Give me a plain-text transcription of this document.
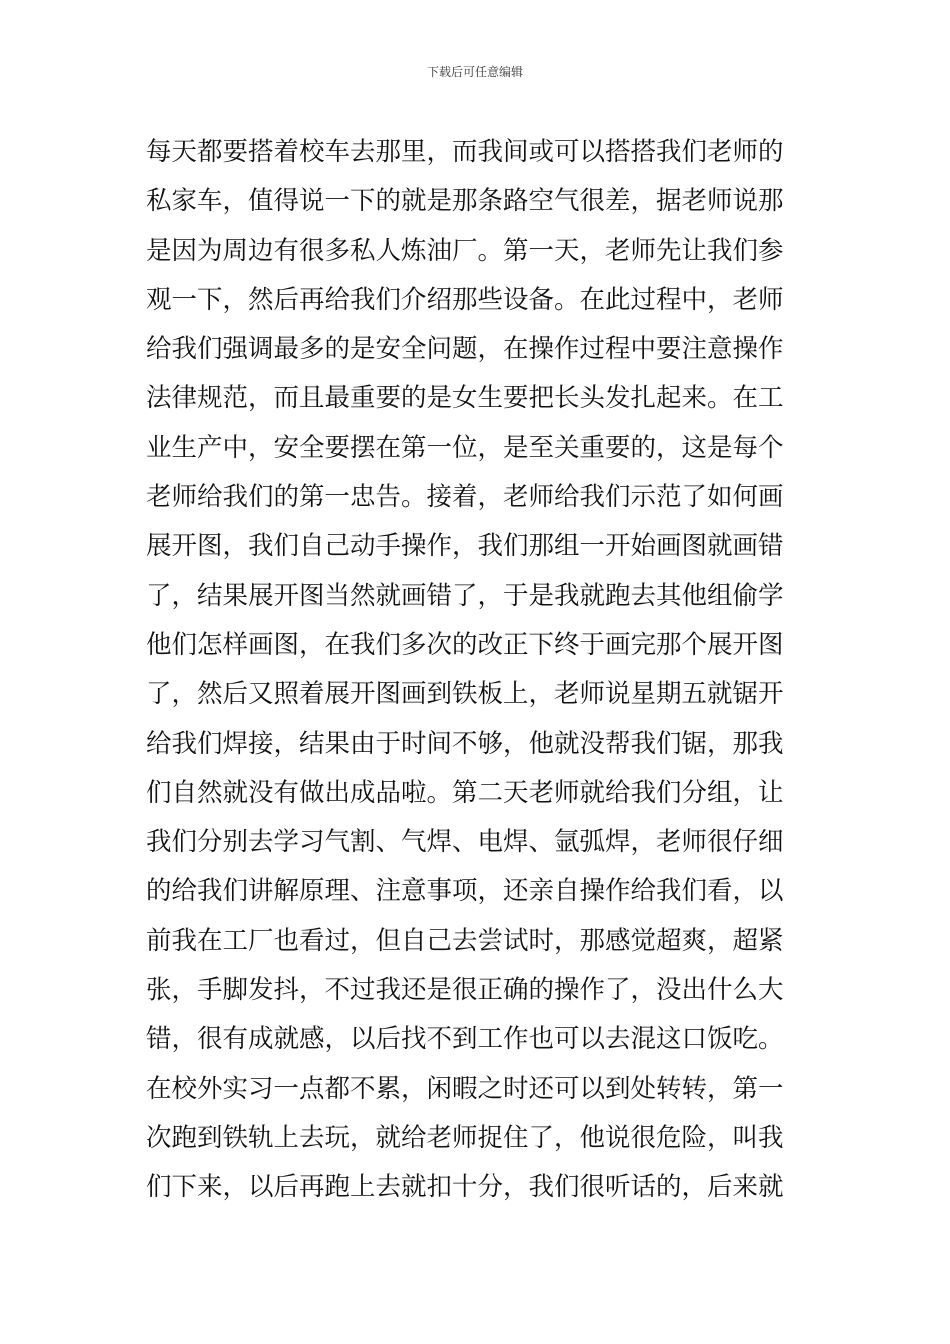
下载后可任意编辑
每天都要搭着校车去那里，而我间或可以搭搭我们老师的
私家车，值得说一下的就是那条路空气很差，据老师说那
是因为周边有很多私人炼油厂。第一天，老师先让我们参
观一下，然后再给我们介绍那些设备。在此过程中，老师
给我们强调最多的是安全问题，在操作过程中要注意操作
法律规范，而且最重要的是女生要把长头发扎起来。在工
业生产中，安全要摆在第一位，是至关重要的，这是每个
老师给我们的第一忠告。接着，老师给我们示范了如何画
展开图，我们自己动手操作，我们那组一开始画图就画错
了，结果展开图当然就画错了，于是我就跑去其他组偷学
他们怎样画图，在我们多次的改正下终于画完那个展开图
了，然后又照着展开图画到铁板上，老师说星期五就锯开
给我们焊接，结果由于时间不够，他就没帮我们锯，那我
们自然就没有做出成品啦。第二天老师就给我们分组，让
我们分别去学习气割、气焊、电焊、氩弧焊，老师很仔细
的给我们讲解原理、注意事项，还亲自操作给我们看，以
前我在工厂也看过，但自己去尝试时，那感觉超爽，超紧
张，手脚发抖，不过我还是很正确的操作了，没出什么大
错，很有成就感，以后找不到工作也可以去混这口饭吃。
在校外实习一点都不累，闲暇之时还可以到处转转，第一
次跑到铁轨上去玩，就给老师捉住了，他说很危险，叫我
们下来，以后再跑上去就扣十分，我们很听话的，后来就
